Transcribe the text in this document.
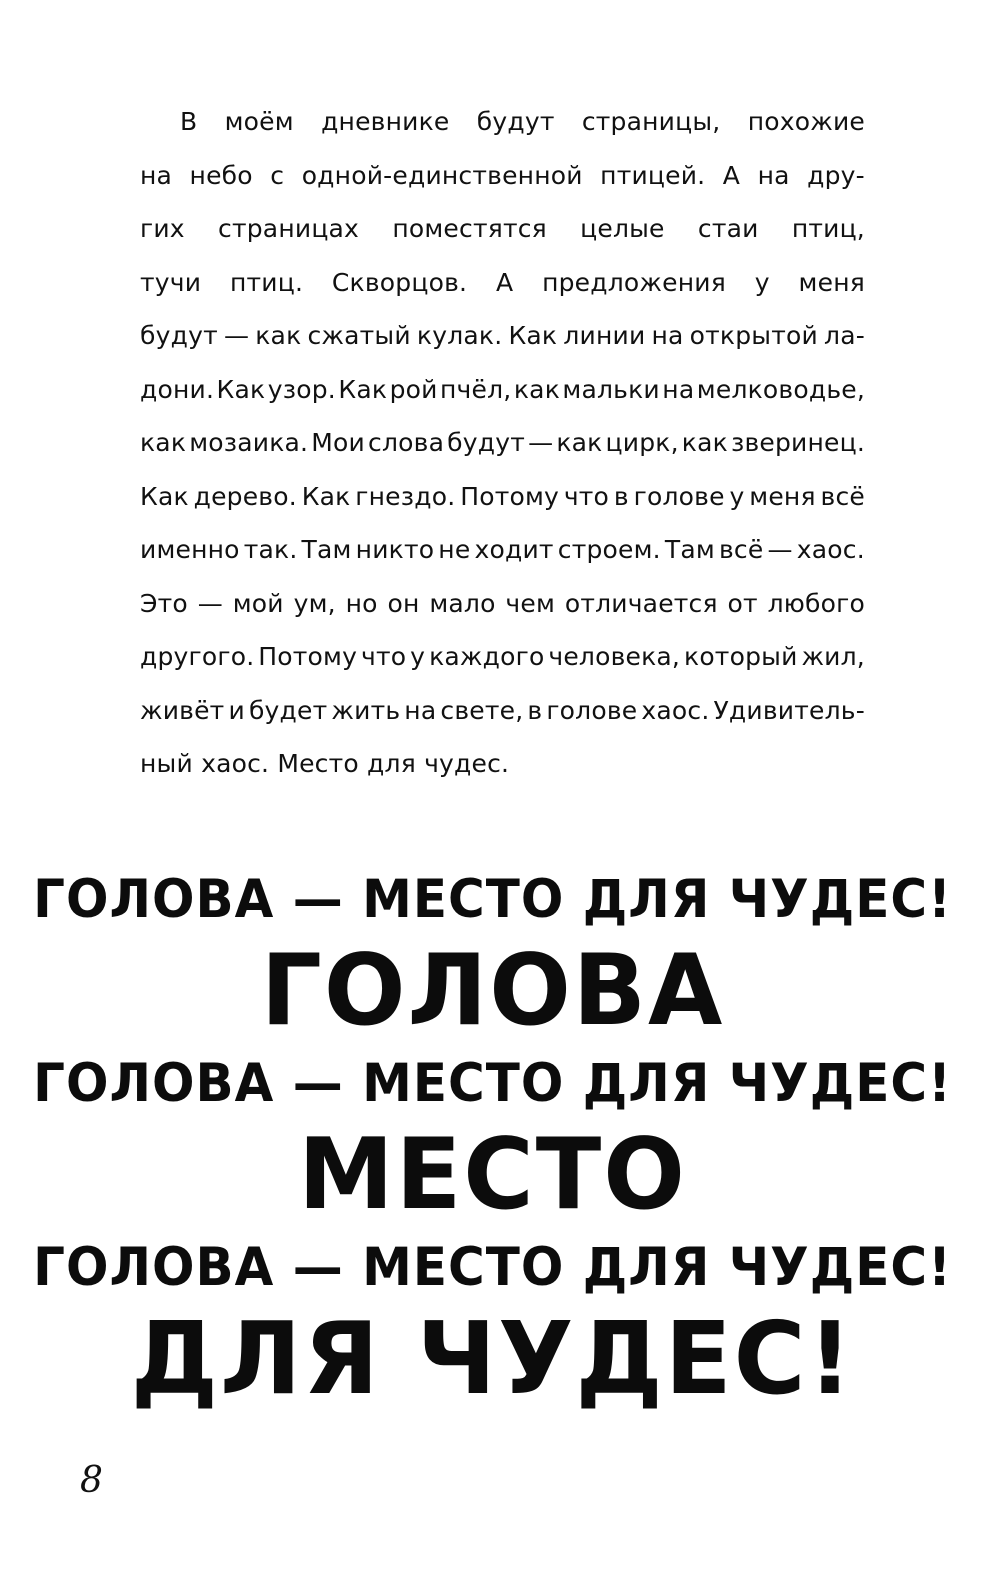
В моём дневнике будут страницы, похожие
на небо с одной-единственной птицей. А на дру-
гих страницах поместятся целые стаи птиц,
тучи птиц. Скворцов. А предложения у меня
будут — как сжатый кулак. Как линии на открытой ла-
дони. Как узор. Как рой пчёл, как мальки на мелководье,
как мозаика. Мои слова будут — как цирк, как зверинец.
Как дерево. Как гнездо. Потому что в голове у меня всё
именно так. Там никто не ходит строем. Там всё — хаос.
Это — мой ум, но он мало чем отличается от любого
другого. Потому что у каждого человека, который жил,
живёт и будет жить на свете, в голове хаос. Удивитель-
ный хаос. Место для чудес.
ГОЛОВА — МЕСТО ДЛЯ ЧУДЕС!
ГОЛОВА
ГОЛОВА — МЕСТО ДЛЯ ЧУДЕС!
МЕСТО
ГОЛОВА — МЕСТО ДЛЯ ЧУДЕС!
ДЛЯ ЧУДЕС!
8
